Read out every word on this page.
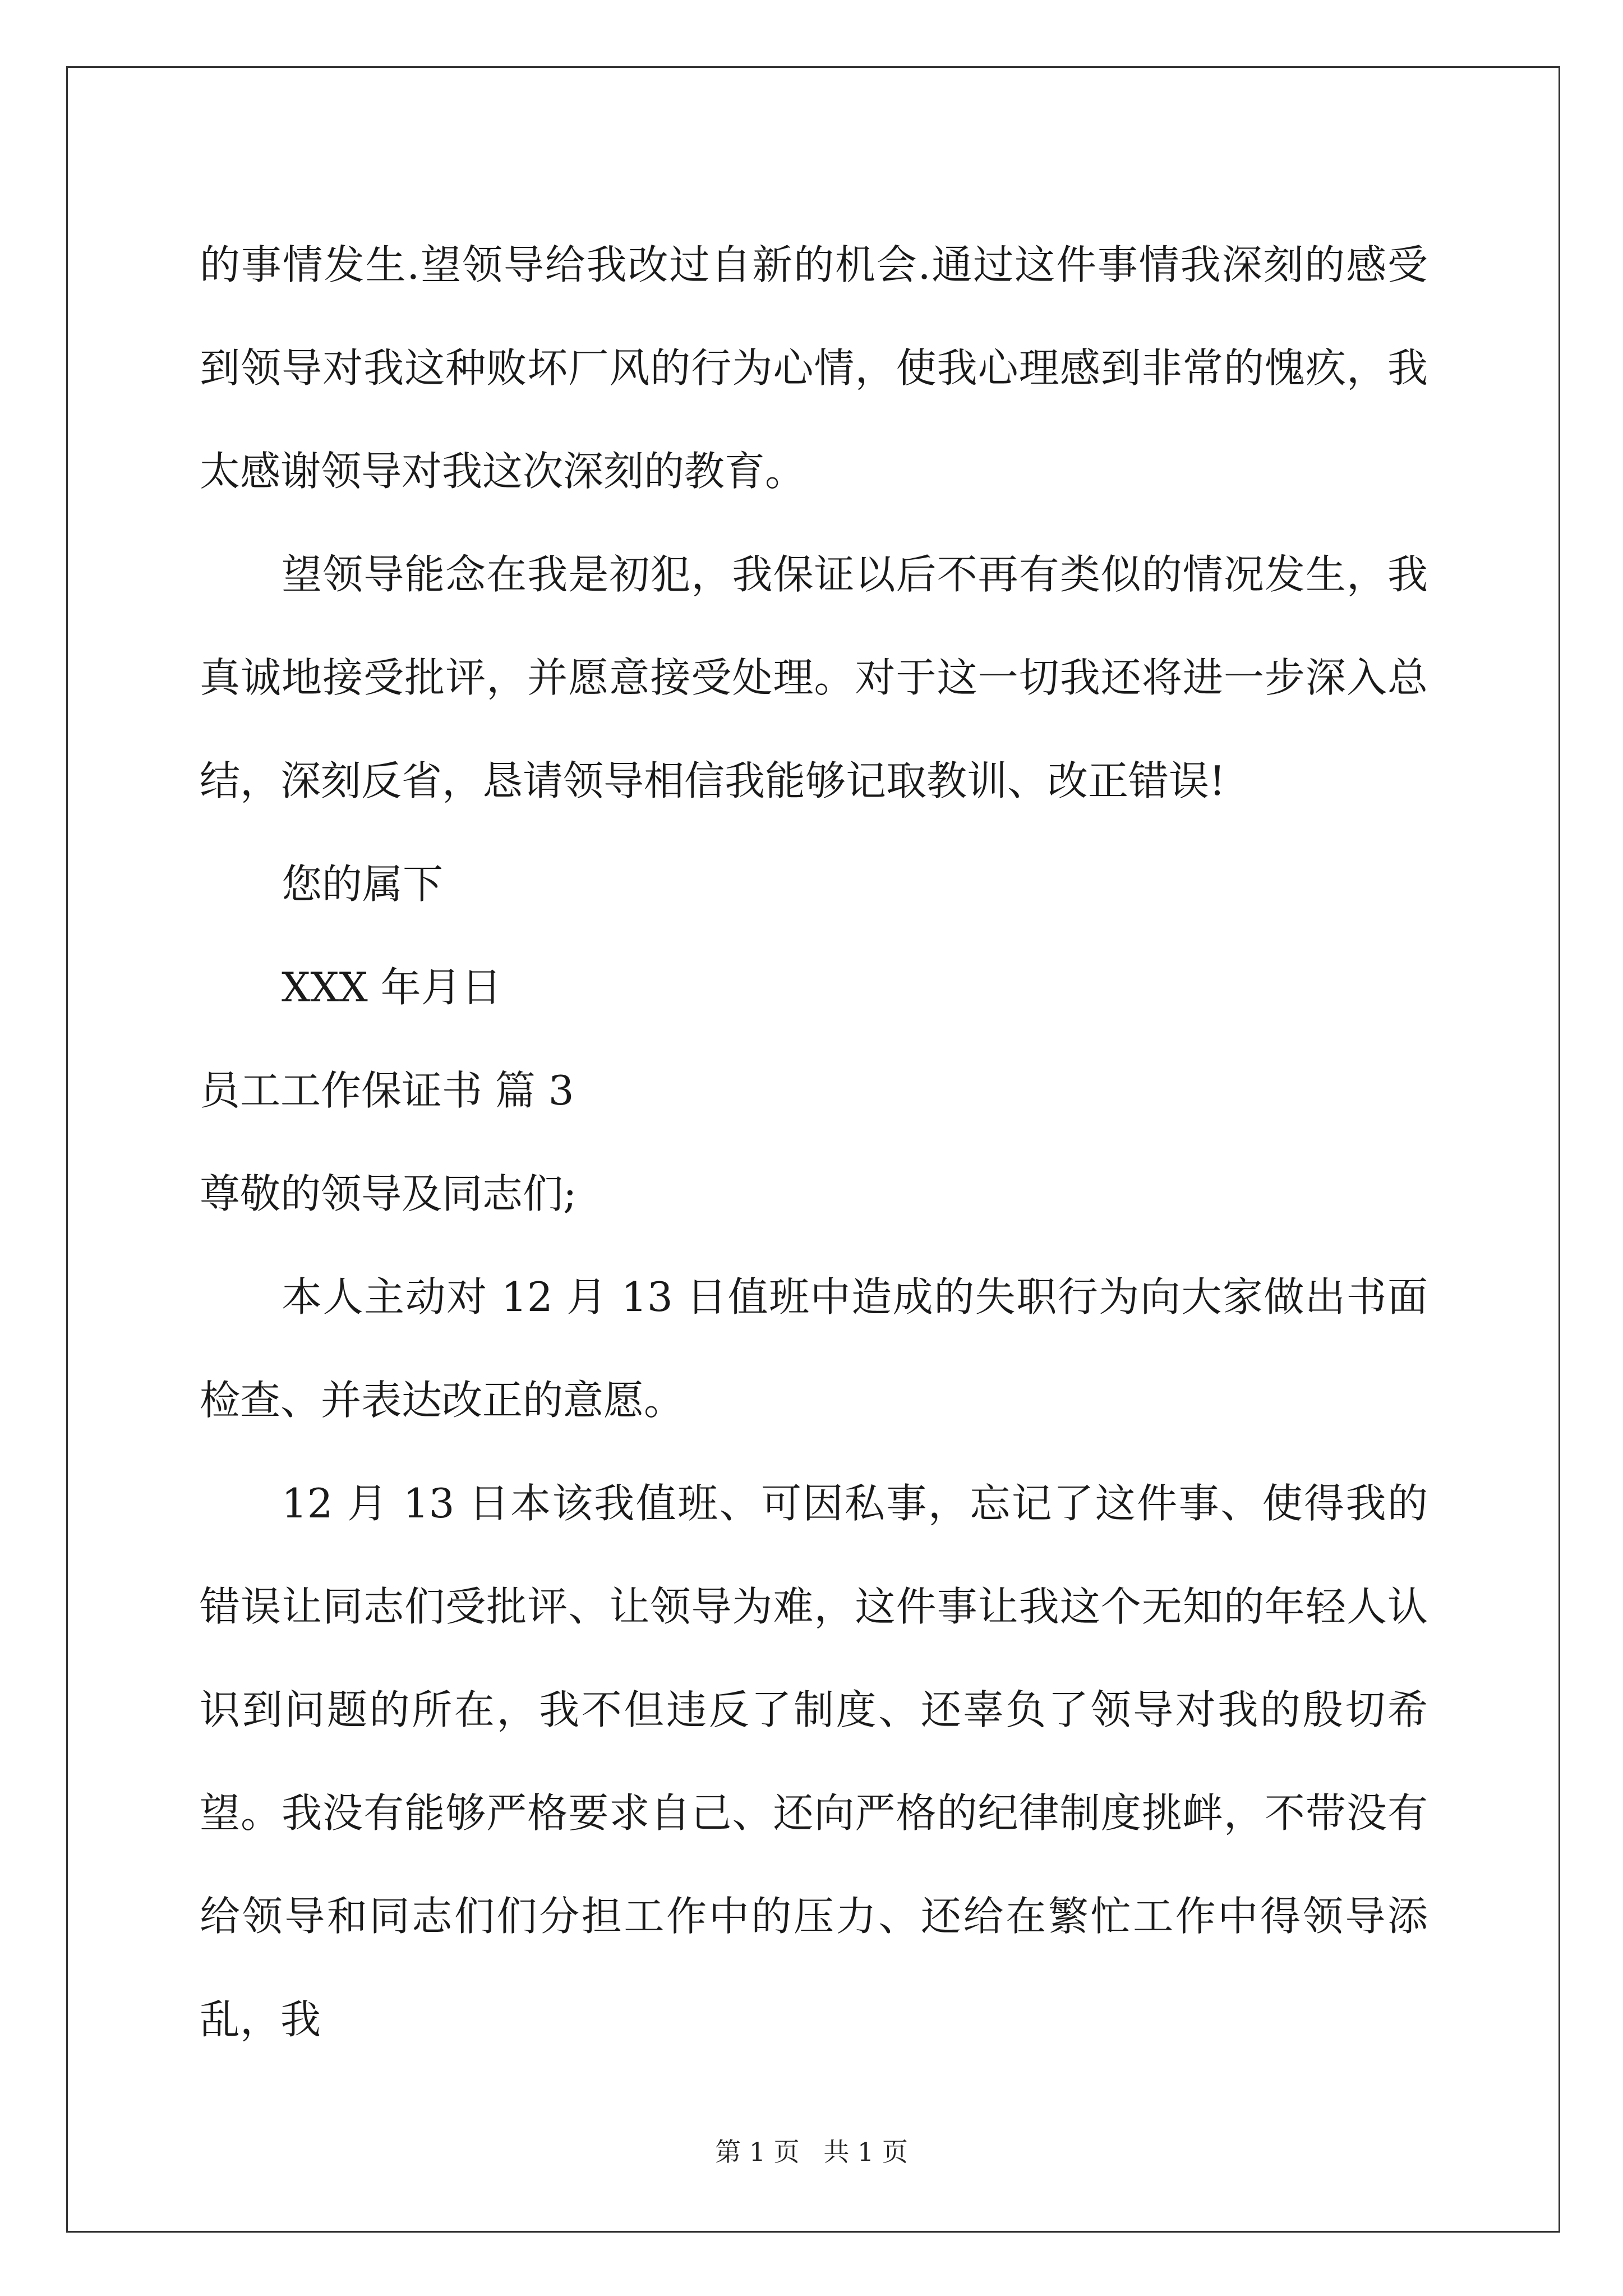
的事情发生.望领导给我改过自新的机会.通过这件事情我深刻的感受到领导对我这种败坏厂风的行为心情，使我心理感到非常的愧疚，我太感谢领导对我这次深刻的教育。

望领导能念在我是初犯，我保证以后不再有类似的情况发生，我真诚地接受批评，并愿意接受处理。对于这一切我还将进一步深入总结，深刻反省，恳请领导相信我能够记取教训、改正错误!

您的属下

XXX 年月日

员工工作保证书 篇 3

尊敬的领导及同志们;

本人主动对 12 月 13 日值班中造成的失职行为向大家做出书面检查、并表达改正的意愿。

12 月 13 日本该我值班、可因私事，忘记了这件事、使得我的错误让同志们受批评、让领导为难，这件事让我这个无知的年轻人认识到问题的所在，我不但违反了制度、还辜负了领导对我的殷切希望。我没有能够严格要求自己、还向严格的纪律制度挑衅，不带没有给领导和同志们们分担工作中的压力、还给在繁忙工作中得领导添乱，我

第 1 页 共 1 页
